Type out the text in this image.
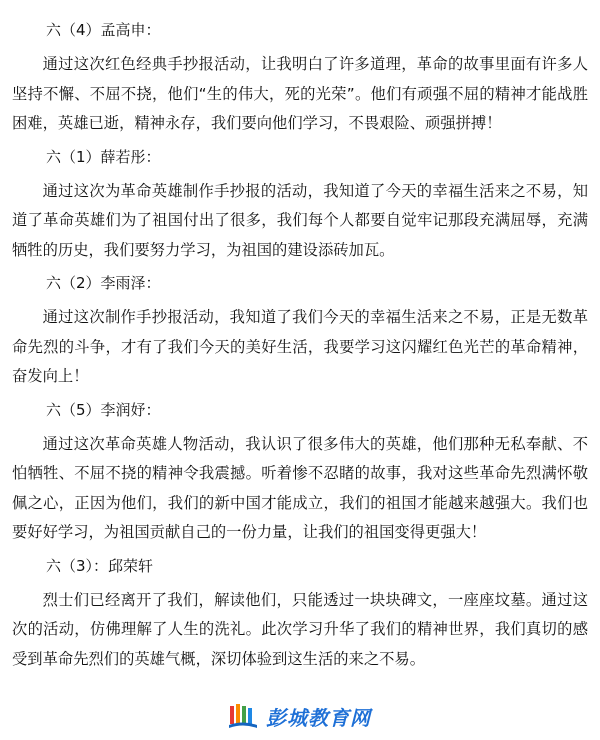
六（4）孟高申：

通过这次红色经典手抄报活动，让我明白了许多道理，革命的故事里面有许多人坚持不懈、不屈不挠，他们“生的伟大，死的光荣”。他们有顽强不屈的精神才能战胜困难，英雄已逝，精神永存，我们要向他们学习，不畏艰险、顽强拼搏！

六（1）薛若彤：

通过这次为革命英雄制作手抄报的活动，我知道了今天的幸福生活来之不易，知道了革命英雄们为了祖国付出了很多，我们每个人都要自觉牢记那段充满屈辱，充满牺牲的历史，我们要努力学习，为祖国的建设添砖加瓦。

六（2）李雨泽：

通过这次制作手抄报活动，我知道了我们今天的幸福生活来之不易，正是无数革命先烈的斗争，才有了我们今天的美好生活，我要学习这闪耀红色光芒的革命精神，奋发向上！

六（5）李润妤：

通过这次革命英雄人物活动，我认识了很多伟大的英雄，他们那种无私奉献、不怕牺牲、不屈不挠的精神令我震撼。听着惨不忍睹的故事，我对这些革命先烈满怀敬佩之心，正因为他们，我们的新中国才能成立，我们的祖国才能越来越强大。我们也要好好学习，为祖国贡献自己的一份力量，让我们的祖国变得更强大！

六（3）：邱荣轩

烈士们已经离开了我们，解读他们，只能透过一块块碑文，一座座坟墓。通过这次的活动，仿佛理解了人生的洗礼。此次学习升华了我们的精神世界，我们真切的感受到革命先烈们的英雄气概，深切体验到这生活的来之不易。

彭城教育网
